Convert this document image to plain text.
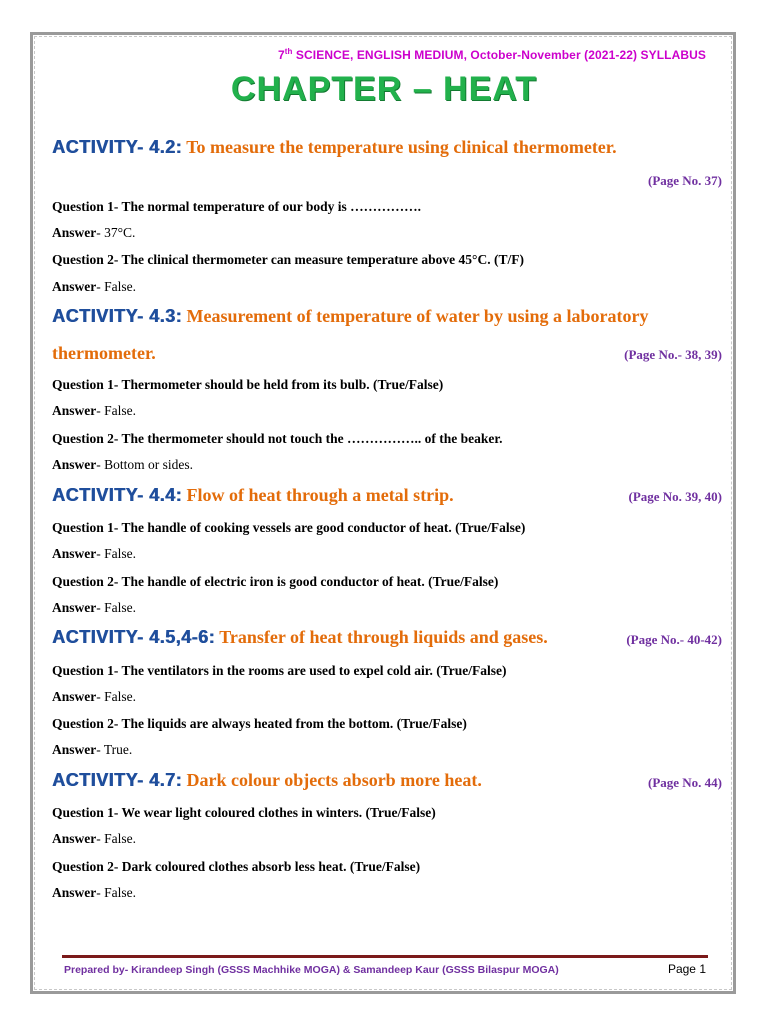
7th SCIENCE, ENGLISH MEDIUM, October-November (2021-22) SYLLABUS
CHAPTER – HEAT
ACTIVITY- 4.2: To measure the temperature using clinical thermometer.
(Page No. 37)
Question 1- The normal temperature of our body is …………….
Answer- 37°C.
Question 2- The clinical thermometer can measure temperature above 45°C. (T/F)
Answer- False.
ACTIVITY- 4.3: Measurement of temperature of water by using a laboratory
thermometer.	(Page No.- 38, 39)
Question 1- Thermometer should be held from its bulb. (True/False)
Answer- False.
Question 2- The thermometer should not touch the …………….. of the beaker.
Answer- Bottom or sides.
ACTIVITY- 4.4: Flow of heat through a metal strip.	(Page No. 39, 40)
Question 1- The handle of cooking vessels are good conductor of heat. (True/False)
Answer- False.
Question 2- The handle of electric iron is good conductor of heat. (True/False)
Answer- False.
ACTIVITY- 4.5,4-6: Transfer of heat through liquids and gases.	(Page No.- 40-42)
Question 1- The ventilators in the rooms are used to expel cold air. (True/False)
Answer- False.
Question 2- The liquids are always heated from the bottom. (True/False)
Answer- True.
ACTIVITY- 4.7: Dark colour objects absorb more heat.	(Page No. 44)
Question 1- We wear light coloured clothes in winters. (True/False)
Answer- False.
Question 2- Dark coloured clothes absorb less heat. (True/False)
Answer- False.
Prepared by- Kirandeep Singh (GSSS Machhike MOGA) & Samandeep Kaur (GSSS Bilaspur MOGA)	Page 1
